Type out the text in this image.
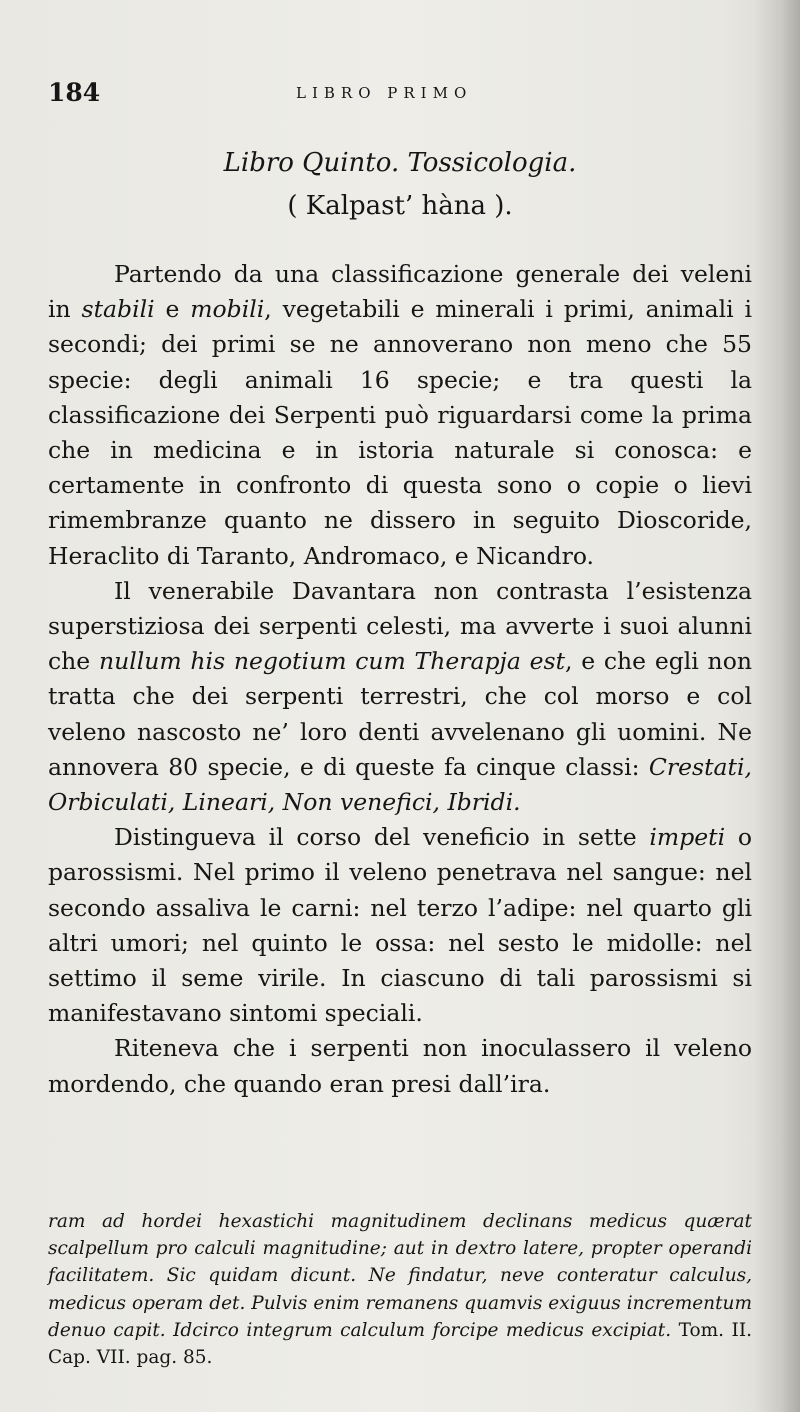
184	LIBRO PRIMO
Libro Quinto. Tossicologia.
( Kalpast’ hàna ).

Partendo da una classificazione generale dei veleni in stabili e mobili, vegetabili e minerali i primi, animali i secondi; dei primi se ne annoverano non meno che 55 specie: degli animali 16 specie; e tra questi la classificazione dei Serpenti può riguardarsi come la prima che in medicina e in istoria naturale si conosca: e certamente in confronto di questa sono o copie o lievi rimembranze quanto ne dissero in seguito Dioscoride, Heraclito di Taranto, Andromaco, e Nicandro.

Il venerabile Davantara non contrasta l’esistenza superstiziosa dei serpenti celesti, ma avverte i suoi alunni che nullum his negotium cum Therapja est, e che egli non tratta che dei serpenti terrestri, che col morso e col veleno nascosto ne’ loro denti avvelenano gli uomini. Ne annovera 80 specie, e di queste fa cinque classi: Crestati, Orbiculati, Lineari, Non venefici, Ibridi.

Distingueva il corso del veneficio in sette impeti o parossismi. Nel primo il veleno penetrava nel sangue: nel secondo assaliva le carni: nel terzo l’adipe: nel quarto gli altri umori; nel quinto le ossa: nel sesto le midolle: nel settimo il seme virile. In ciascuno di tali parossismi si manifestavano sintomi speciali.

Riteneva che i serpenti non inoculassero il veleno mordendo, che quando eran presi dall’ira.

ram ad hordei hexastichi magnitudinem declinans medicus quærat scalpellum pro calculi magnitudine; aut in dextro latere, propter operandi facilitatem. Sic quidam dicunt. Ne findatur, neve conteratur calculus, medicus operam det. Pulvis enim remanens quamvis exiguus incrementum denuo capit. Idcirco integrum calculum forcipe medicus excipiat. Tom. II. Cap. VII. pag. 85.
